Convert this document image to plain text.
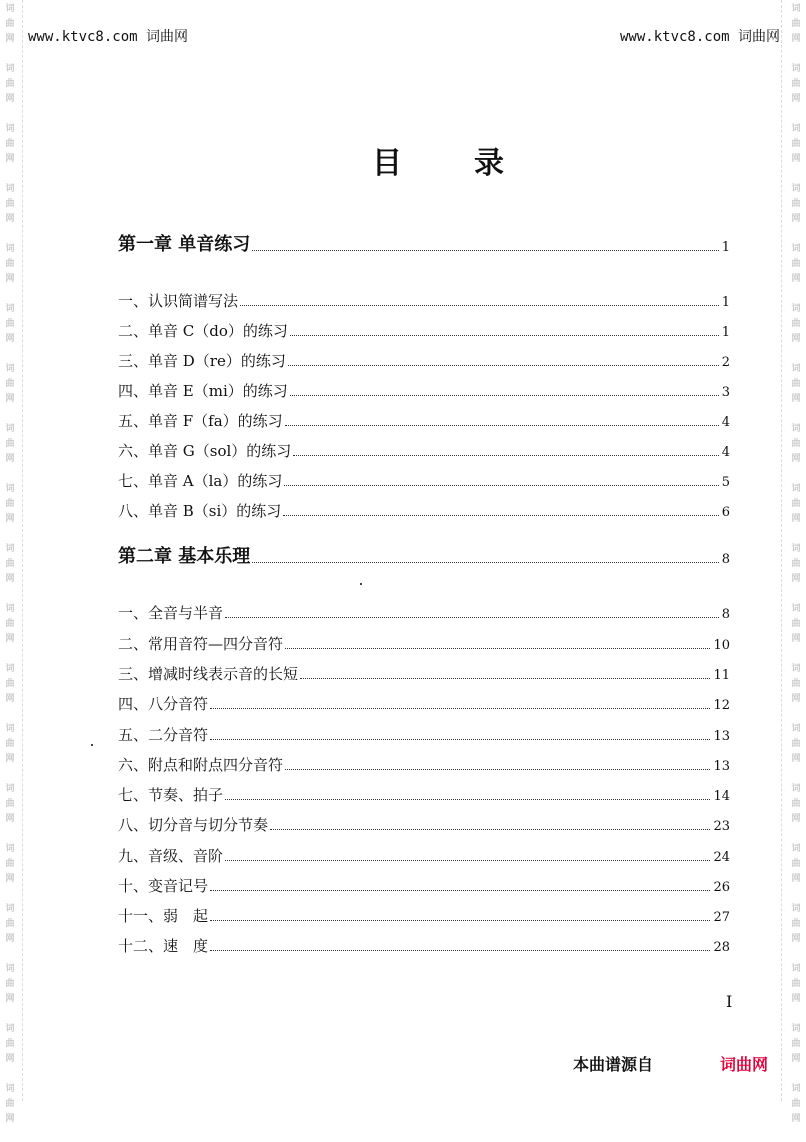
词
曲
网
词
曲
网
词
曲
网
词
曲
网
词
曲
网
词
曲
网
词
曲
网
词
曲
网
词
曲
网
词
曲
网
词
曲
网
词
曲
网
词
曲
网
词
曲
网
词
曲
网
词
曲
网
词
曲
网
词
曲
网
词
曲
网
词
曲
网
词
曲
网
词
曲
网
词
曲
网
词
曲
网
词
曲
网
词
曲
网
词
曲
网
词
曲
网
词
曲
网
词
曲
网
词
曲
网
词
曲
网
词
曲
网
词
曲
网
词
曲
网
词
曲
网
词
曲
网
词
曲
网
www.ktvc8.com 词曲网	www.ktvc8.com 词曲网
目录
第一章 单音练习	1
一、认识简谱写法	1
二、单音 C（do）的练习	1
三、单音 D（re）的练习	2
四、单音 E（mi）的练习	3
五、单音 F（fa）的练习	4
六、单音 G（sol）的练习	4
七、单音 A（la）的练习	5
八、单音 B（si）的练习	6
第二章 基本乐理	8
一、全音与半音	8
二、常用音符—四分音符	10
三、增减时线表示音的长短	11
四、八分音符	12
五、二分音符	13
六、附点和附点四分音符	13
七、节奏、拍子	14
八、切分音与切分节奏	23
九、音级、音阶	24
十、变音记号	26
十一、弱　起	27
十二、速　度	28
I
本曲谱源自	词曲网
